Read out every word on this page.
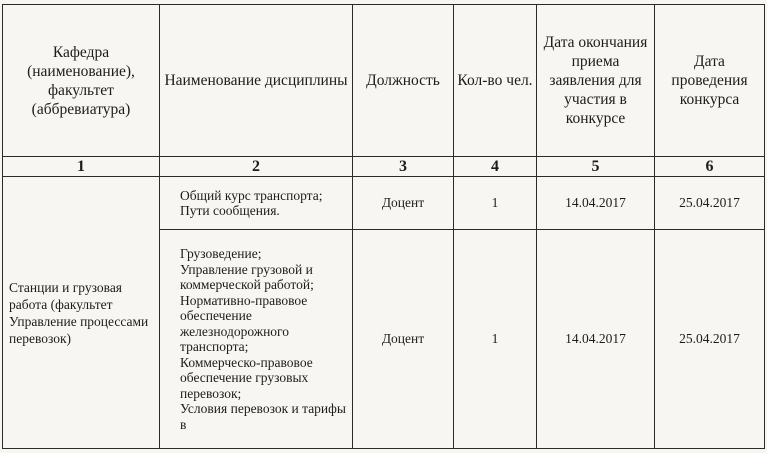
Кафедра (наименование), факультет (аббревиатура)	Наименование дисциплины	Должность	Кол-во чел.	Дата окончания приема заявления для участия в конкурсе	Дата проведения конкурса
1	2	3	4	5	6
Станции и грузовая работа (факультет Управление процессами перевозок)	Общий курс транспорта;
Пути сообщения.	Доцент	1	14.04.2017	25.04.2017

	Грузоведение;
Управление грузовой и коммерческой работой;
Нормативно-правовое обеспечение железнодорожного транспорта;
Коммерческо-правовое обеспечение грузовых перевозок;
Условия перевозок и тарифы в	Доцент	1	14.04.2017	25.04.2017
